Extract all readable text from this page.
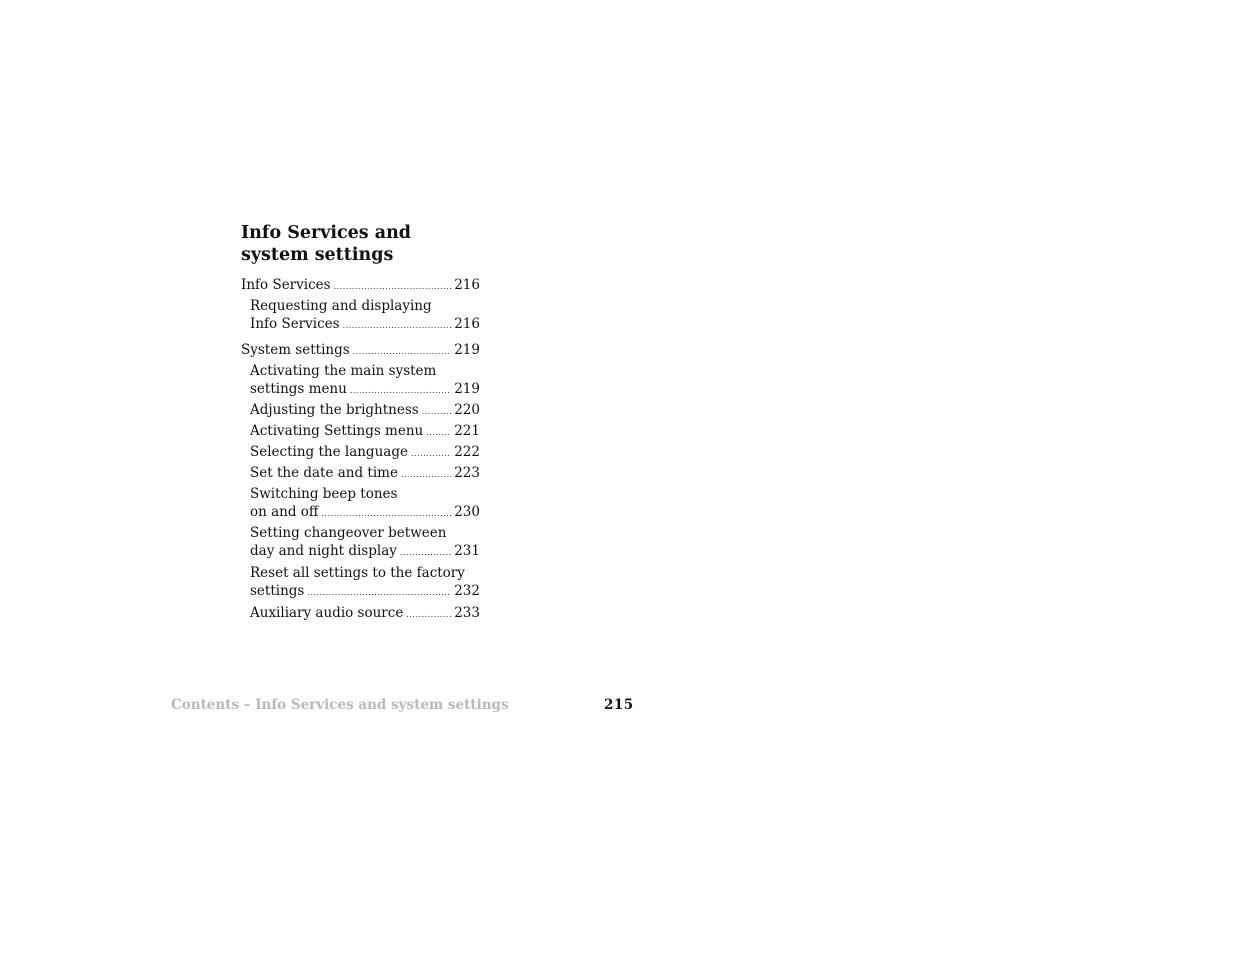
Info Services and system settings
Info Services .....	216
Requesting and displaying
Info Services .....	216
System settings .....	219
Activating the main system
settings menu .....	219
Adjusting the brightness .....	220
Activating Settings menu ..... 221
Selecting the language .....	222
Set the date and time .....	223
Switching beep tones
on and off .....	230
Setting changeover between
day and night display .....	231
Reset all settings to the factory
settings .....	232
Auxiliary audio source .....	233
Contents – Info Services and system settings	215
